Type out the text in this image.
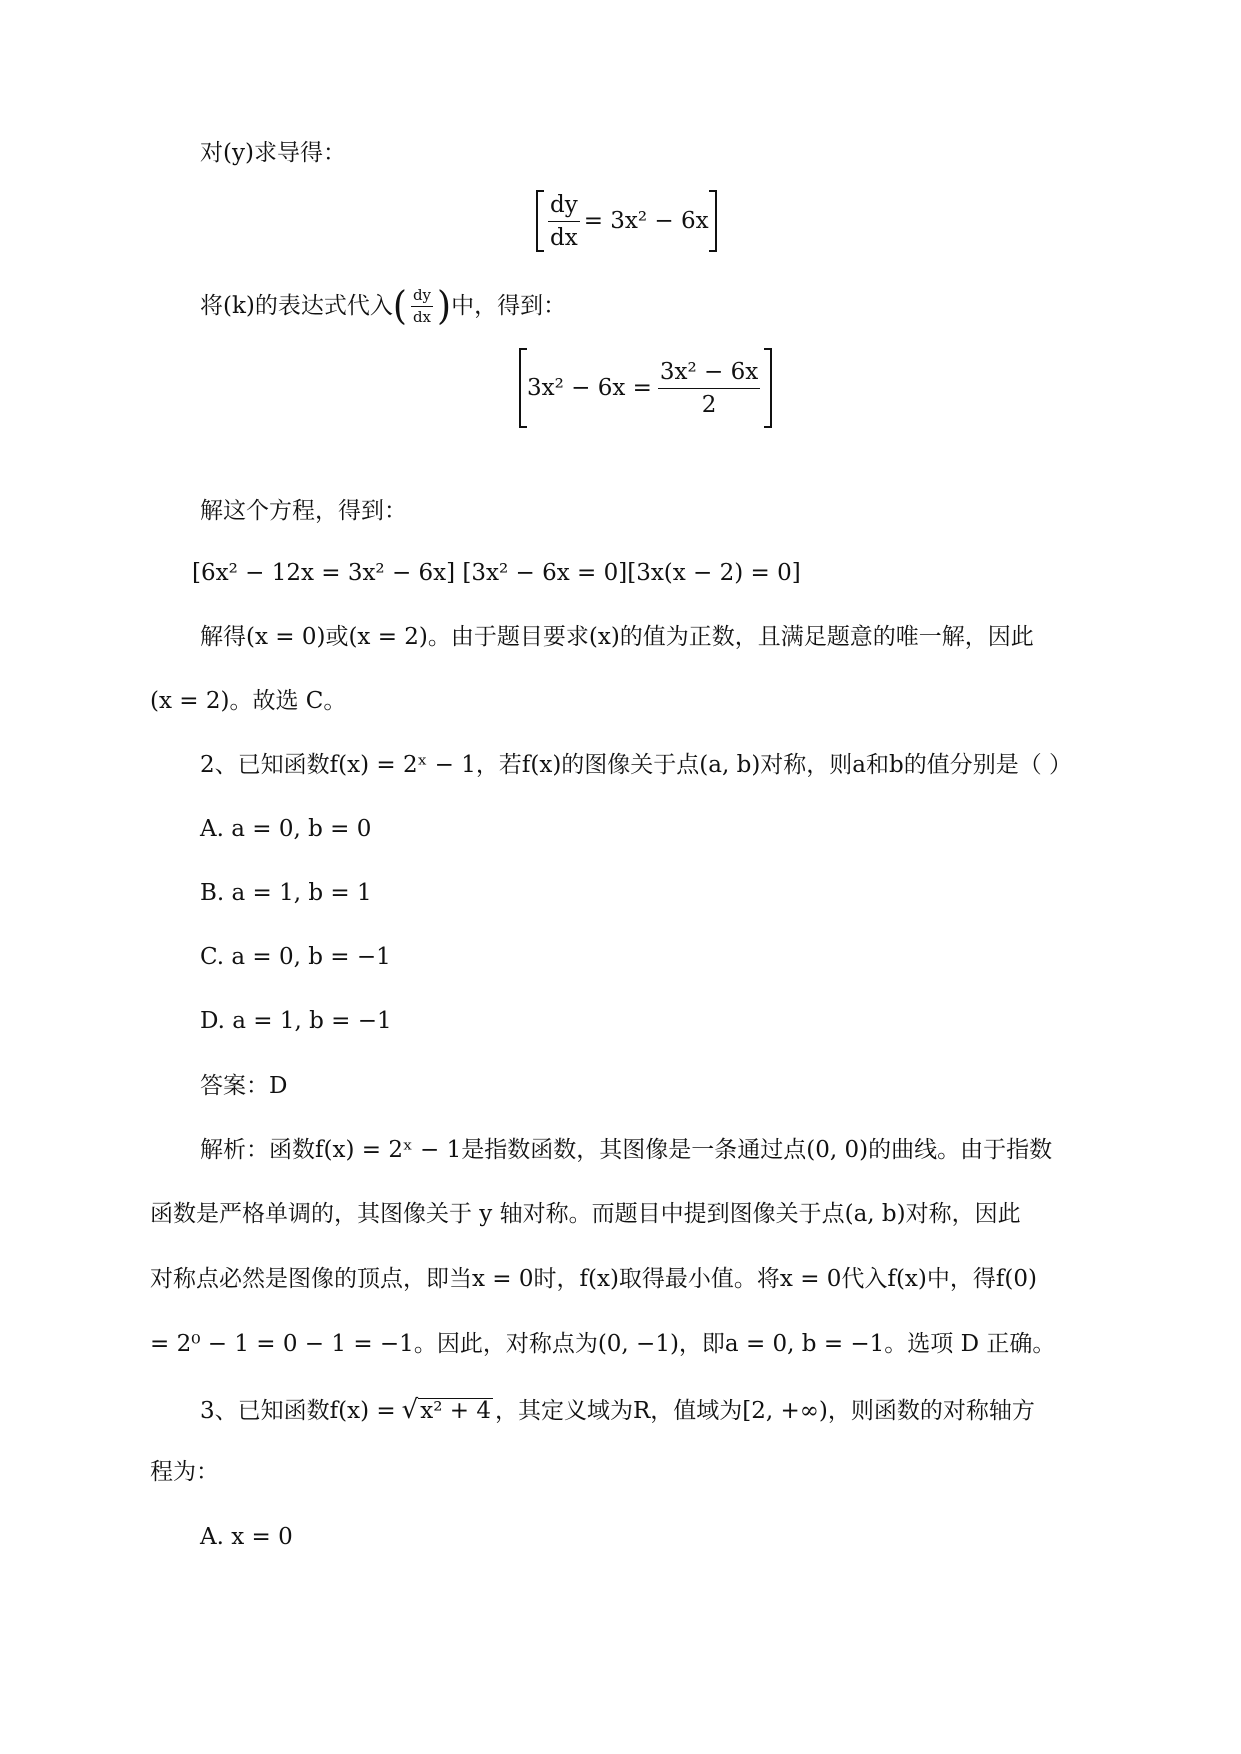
对(y)求导得：
$\frac{dy}{dx} = 3x^2 - 6x$
将(k)的表达式代入 ( $\frac{dy}{dx}$ ) 中，得到：
$3x^2 - 6x = \frac{\text{3x² − 6x}}{2}$
解这个方程，得到：
[6x² − 12x = 3x² − 6x] [3x² − 6x = 0][3x(x − 2) = 0]
解得(x = 0)或(x = 2)。由于题目要求(x)的值为正数，且满足题意的唯一解，因此
(x = 2)。故选 C。
2、已知函数f(x) = 2ˣ − 1，若f(x)的图像关于点(a, b)对称，则a和b的值分别是（ ）
A. a = 0, b = 0
B. a = 1, b = 1
C. a = 0, b = −1
D. a = 1, b = −1
答案：D
解析：函数f(x) = 2ˣ − 1是指数函数，其图像是一条通过点(0, 0)的曲线。由于指数
函数是严格单调的，其图像关于 y 轴对称。而题目中提到图像关于点(a, b)对称，因此
对称点必然是图像的顶点，即当x = 0时，f(x)取得最小值。将x = 0代入f(x)中，得f(0)
= 2⁰ − 1 = 0 − 1 = −1。因此，对称点为(0, −1)，即a = 0, b = −1。选项 D 正确。
3、已知函数f(x) = √ x² + 4 ，其定义域为R，值域为[2, +∞)，则函数的对称轴方
程为：
A. x = 0
